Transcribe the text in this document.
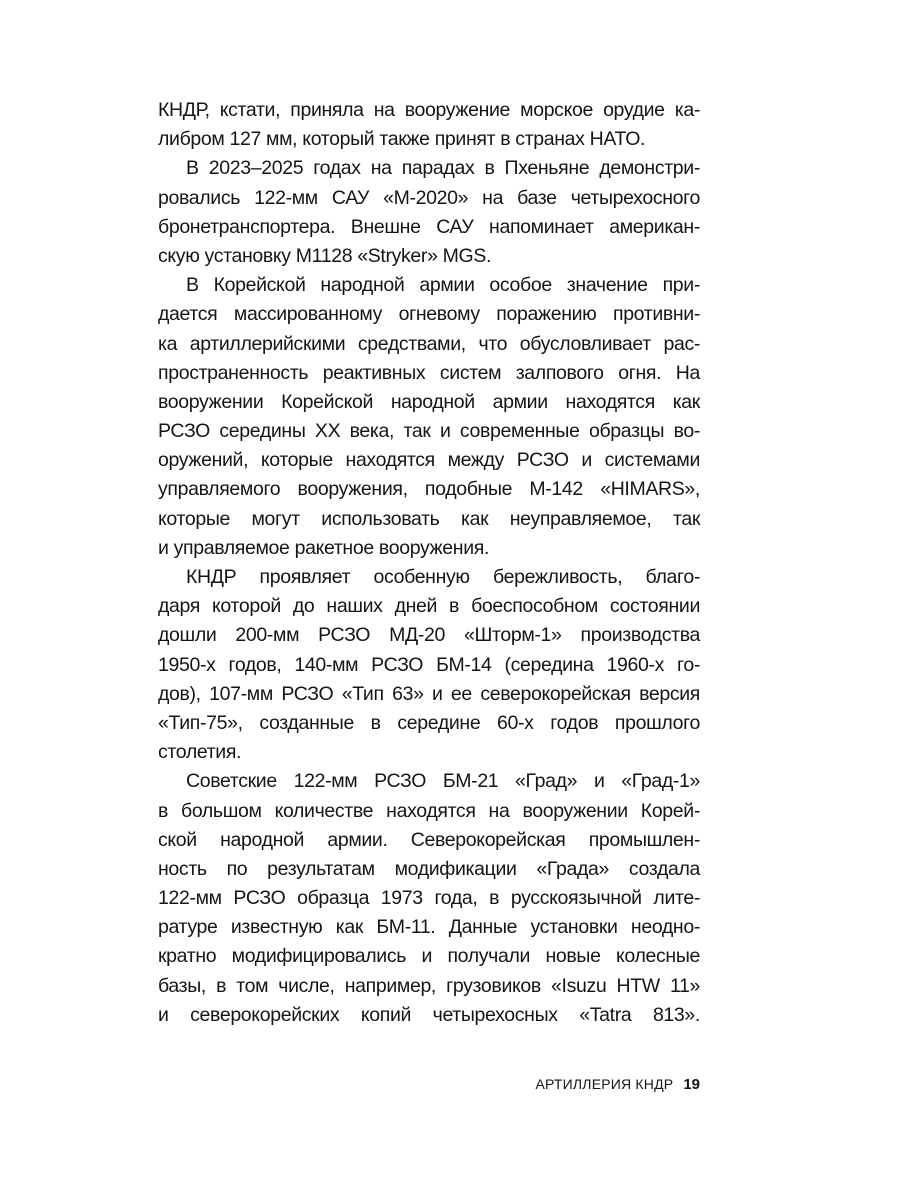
КНДР, кстати, приняла на вооружение морское орудие ка-
либром 127 мм, который также принят в странах НАТО.
В 2023–2025 годах на парадах в Пхеньяне демонстри-
ровались 122-мм САУ «М-2020» на базе четырехосного
бронетранспортера. Внешне САУ напоминает американ-
скую установку M1128 «Stryker» MGS.
В Корейской народной армии особое значение при-
дается массированному огневому поражению противни-
ка артиллерийскими средствами, что обусловливает рас-
пространенность реактивных систем залпового огня. На
вооружении Корейской народной армии находятся как
РСЗО середины XX века, так и современные образцы во-
оружений, которые находятся между РСЗО и системами
управляемого вооружения, подобные М-142 «HIMARS»,
которые могут использовать как неуправляемое, так
и управляемое ракетное вооружения.
КНДР проявляет особенную бережливость, благо-
даря которой до наших дней в боеспособном состоянии
дошли 200-мм РСЗО МД-20 «Шторм-1» производства
1950-х годов, 140-мм РСЗО БМ-14 (середина 1960-х го-
дов), 107-мм РСЗО «Тип 63» и ее северокорейская версия
«Тип-75», созданные в середине 60-х годов прошлого
столетия.
Советские 122-мм РСЗО БМ-21 «Град» и «Град-1»
в большом количестве находятся на вооружении Корей-
ской народной армии. Северокорейская промышлен-
ность по результатам модификации «Града» создала
122-мм РСЗО образца 1973 года, в русскоязычной лите-
ратуре известную как БМ-11. Данные установки неодно-
кратно модифицировались и получали новые колесные
базы, в том числе, например, грузовиков «Isuzu HTW 11»
и северокорейских копий четырехосных «Tatra 813».
АРТИЛЛЕРИЯ КНДР 19
